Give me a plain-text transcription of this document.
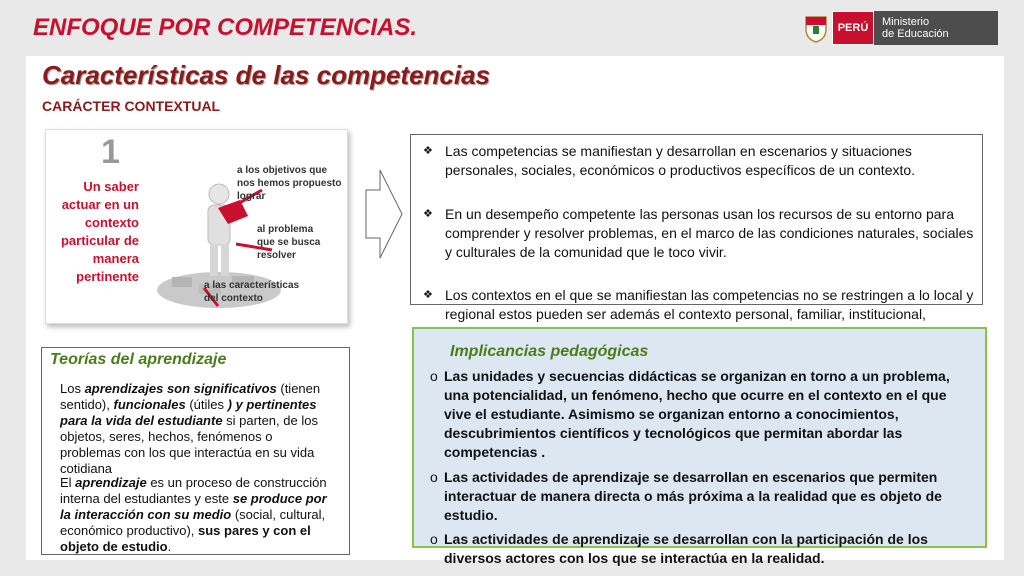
ENFOQUE POR COMPETENCIAS.	PERÚ	Ministerio
de Educación
Características de las competencias
CARÁCTER CONTEXTUAL
1
Un saber actuar en un contexto particular de manera pertinente
a los objetivos que nos hemos propuesto lograr
al problema que se busca resolver
a las características del contexto
❖ Las competencias se manifiestan y desarrollan en escenarios y situaciones personales, sociales, económicos o productivos específicos de un contexto.
❖ En un desempeño competente las personas usan los recursos de su entorno para comprender y resolver problemas, en el marco de las condiciones naturales, sociales y culturales de la comunidad que le toco vivir.
❖ Los contextos en el que se manifiestan las competencias no se restringen a lo local y regional estos pueden ser además el contexto personal, familiar, institucional,
Implicancias pedagógicas
o Las unidades y secuencias didácticas se organizan en torno a un problema, una potencialidad, un fenómeno, hecho que ocurre en el contexto en el que vive el estudiante. Asimismo se organizan entorno a conocimientos, descubrimientos científicos y tecnológicos que permitan abordar las competencias .
o Las actividades de aprendizaje se desarrollan en escenarios que permiten interactuar de manera directa o más próxima a la realidad que es objeto de estudio.
o Las actividades de aprendizaje se desarrollan con la participación de los diversos actores con los que se interactúa en la realidad.
Teorías del aprendizaje
Los aprendizajes son significativos (tienen sentido), funcionales (útiles ) y pertinentes para la vida del estudiante si parten, de los objetos, seres, hechos, fenómenos o problemas con los que interactúa en su vida cotidiana
El aprendizaje es un proceso de construcción interna del estudiantes y este se produce por la interacción con su medio (social, cultural, económico productivo), sus pares y con el objeto de estudio.
